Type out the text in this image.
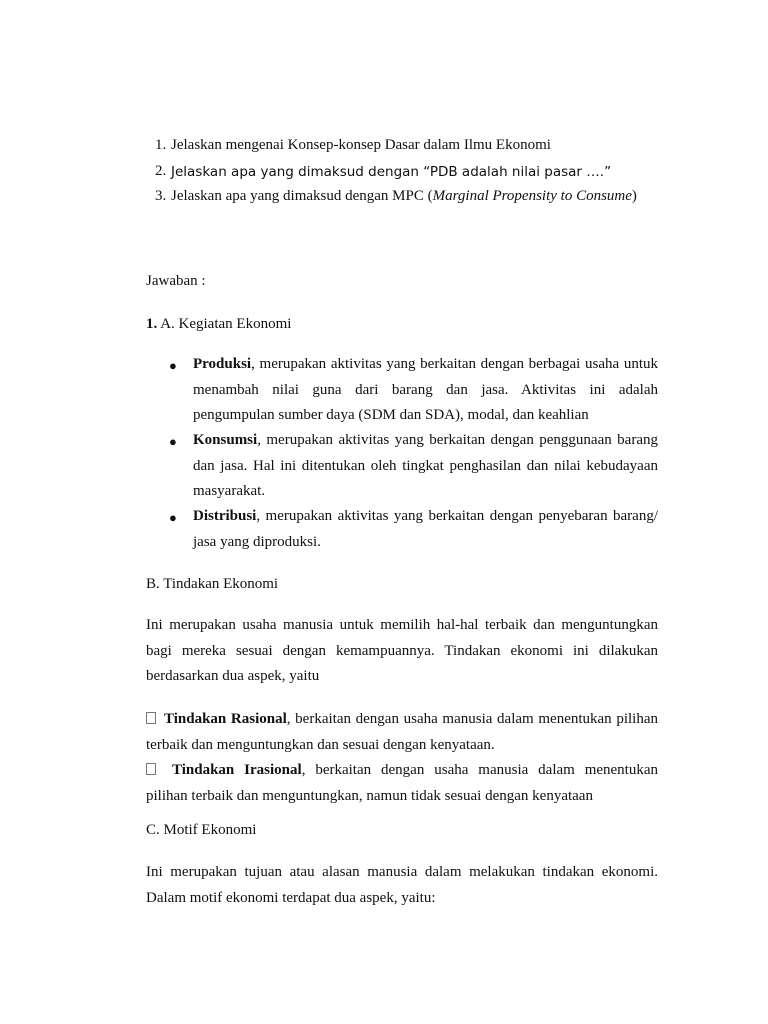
1. Jelaskan mengenai Konsep-konsep Dasar dalam Ilmu Ekonomi
2. Jelaskan apa yang dimaksud dengan “PDB adalah nilai pasar ….”
3. Jelaskan apa yang dimaksud dengan MPC (Marginal Propensity to Consume)
Jawaban :
1. A. Kegiatan Ekonomi
● Produksi, merupakan aktivitas yang berkaitan dengan berbagai usaha untuk
menambah nilai guna dari barang dan jasa. Aktivitas ini adalah
pengumpulan sumber daya (SDM dan SDA), modal, dan keahlian
● Konsumsi, merupakan aktivitas yang berkaitan dengan penggunaan barang
dan jasa. Hal ini ditentukan oleh tingkat penghasilan dan nilai kebudayaan
masyarakat.
● Distribusi, merupakan aktivitas yang berkaitan dengan penyebaran barang/
jasa yang diproduksi.
B. Tindakan Ekonomi
Ini merupakan usaha manusia untuk memilih hal-hal terbaik dan menguntungkan
bagi mereka sesuai dengan kemampuannya. Tindakan ekonomi ini dilakukan
berdasarkan dua aspek, yaitu
Tindakan Rasional, berkaitan dengan usaha manusia dalam menentukan pilihan
terbaik dan menguntungkan dan sesuai dengan kenyataan.
Tindakan Irasional, berkaitan dengan usaha manusia dalam menentukan
pilihan terbaik dan menguntungkan, namun tidak sesuai dengan kenyataan
C. Motif Ekonomi
Ini merupakan tujuan atau alasan manusia dalam melakukan tindakan ekonomi.
Dalam motif ekonomi terdapat dua aspek, yaitu:
